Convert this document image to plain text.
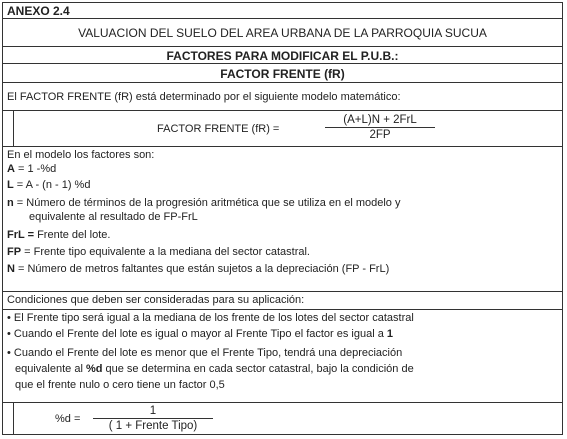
ANEXO 2.4
VALUACION DEL SUELO DEL AREA URBANA DE LA PARROQUIA SUCUA
FACTORES PARA MODIFICAR EL P.U.B.:
FACTOR FRENTE (fR)
El FACTOR FRENTE (fR) está determinado por el siguiente modelo matemático:
FACTOR FRENTE (fR) =
(A+L)N + 2FrL
2FP
En el modelo los factores son:
A = 1 -%d
L = A - (n - 1) %d
n = Número de términos de la progresión aritmética que se utiliza en el modelo y
equivalente al resultado de FP-FrL
FrL = Frente del lote.
FP = Frente tipo equivalente a la mediana del sector catastral.
N = Número de metros faltantes que están sujetos a la depreciación (FP - FrL)
Condiciones que deben ser consideradas para su aplicación:
• El Frente tipo será igual a la mediana de los frente de los lotes del sector catastral
• Cuando el Frente del lote es igual o mayor al Frente Tipo el factor es igual a 1
• Cuando el Frente del lote es menor que el Frente Tipo, tendrá una depreciación
equivalente al %d que se determina en cada sector catastral, bajo la condición de
que el frente nulo o cero tiene un factor 0,5
%d =
1
( 1 + Frente Tipo)
